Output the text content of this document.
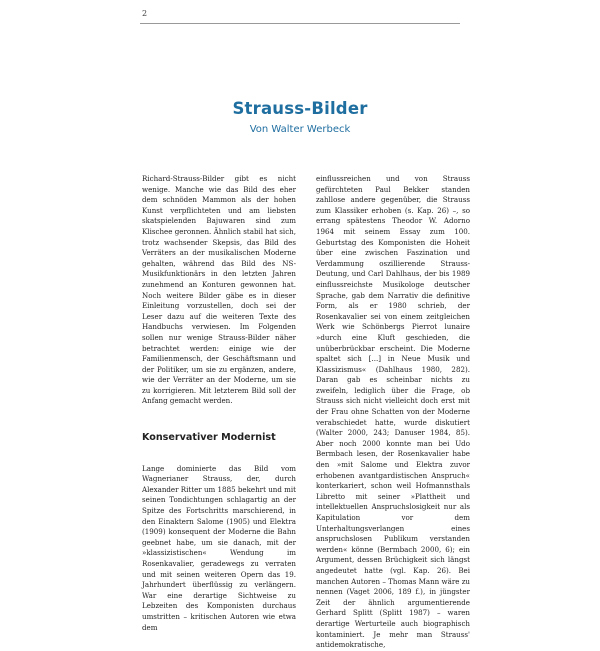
2
Strauss-Bilder
Von Walter Werbeck

Richard-Strauss-Bilder gibt es nicht wenige. Manche wie das Bild des eher dem schnöden Mammon als der hohen Kunst verpflichteten und am liebsten skatspielenden Bajuwaren sind zum Klischee geronnen. Ähnlich stabil hat sich, trotz wachsender Skepsis, das Bild des Verräters an der musikalischen Moderne gehalten, während das Bild des NS-Musikfunktionärs in den letzten Jahren zunehmend an Konturen gewonnen hat. Noch weitere Bilder gäbe es in dieser Einleitung vorzustellen, doch sei der Leser dazu auf die weiteren Texte des Handbuchs verwiesen. Im Folgenden sollen nur wenige Strauss-Bilder näher betrachtet werden: einige wie der Familienmensch, der Geschäftsmann und der Politiker, um sie zu ergänzen, andere, wie der Verräter an der Moderne, um sie zu korrigieren. Mit letzterem Bild soll der Anfang gemacht werden.

Konservativer Modernist

Lange dominierte das Bild vom Wagnerianer Strauss, der, durch Alexander Ritter um 1885 bekehrt und mit seinen Tondichtungen schlagartig an der Spitze des Fortschritts marschierend, in den Einaktern Salome (1905) und Elektra (1909) konsequent der Moderne die Bahn geebnet habe, um sie danach, mit der »klassizistischen« Wendung im Rosenkavalier, geradewegs zu verraten und mit seinen weiteren Opern das 19. Jahrhundert überflüssig zu verlängern. War eine derartige Sichtweise zu Lebzeiten des Komponisten durchaus umstritten – kritischen Autoren wie etwa dem

einflussreichen und von Strauss gefürchteten Paul Bekker standen zahllose andere gegenüber, die Strauss zum Klassiker erhoben (s. Kap. 26) –, so errang spätestens Theodor W. Adorno 1964 mit seinem Essay zum 100. Geburtstag des Komponisten die Hoheit über eine zwischen Faszination und Verdammung oszillierende Strauss-Deutung, und Carl Dahlhaus, der bis 1989 einflussreichste Musikologe deutscher Sprache, gab dem Narrativ die definitive Form, als er 1980 schrieb, der Rosenkavalier sei von einem zeitgleichen Werk wie Schönbergs Pierrot lunaire »durch eine Kluft geschieden, die unüberbrückbar erscheint. Die Moderne spaltet sich [...] in Neue Musik und Klassizismus« (Dahlhaus 1980, 282). Daran gab es scheinbar nichts zu zweifeln, lediglich über die Frage, ob Strauss sich nicht vielleicht doch erst mit der Frau ohne Schatten von der Moderne verabschiedet hatte, wurde diskutiert (Walter 2000, 243; Danuser 1984, 85). Aber noch 2000 konnte man bei Udo Bermbach lesen, der Rosenkavalier habe den »mit Salome und Elektra zuvor erhobenen avantgardistischen Anspruch« konterkariert, schon weil Hofmannsthals Libretto mit seiner »Plattheit und intellektuellen Anspruchslosigkeit nur als Kapitulation vor dem Unterhaltungsverlangen eines anspruchslosen Publikum verstanden werden« könne (Bermbach 2000, 6); ein Argument, dessen Brüchigkeit sich längst angedeutet hatte (vgl. Kap. 26). Bei manchen Autoren – Thomas Mann wäre zu nennen (Vaget 2006, 189 f.), in jüngster Zeit der ähnlich argumentierende Gerhard Splitt (Splitt 1987) – waren derartige Werturteile auch biographisch kontaminiert. Je mehr man Strauss' antidemokratische,
